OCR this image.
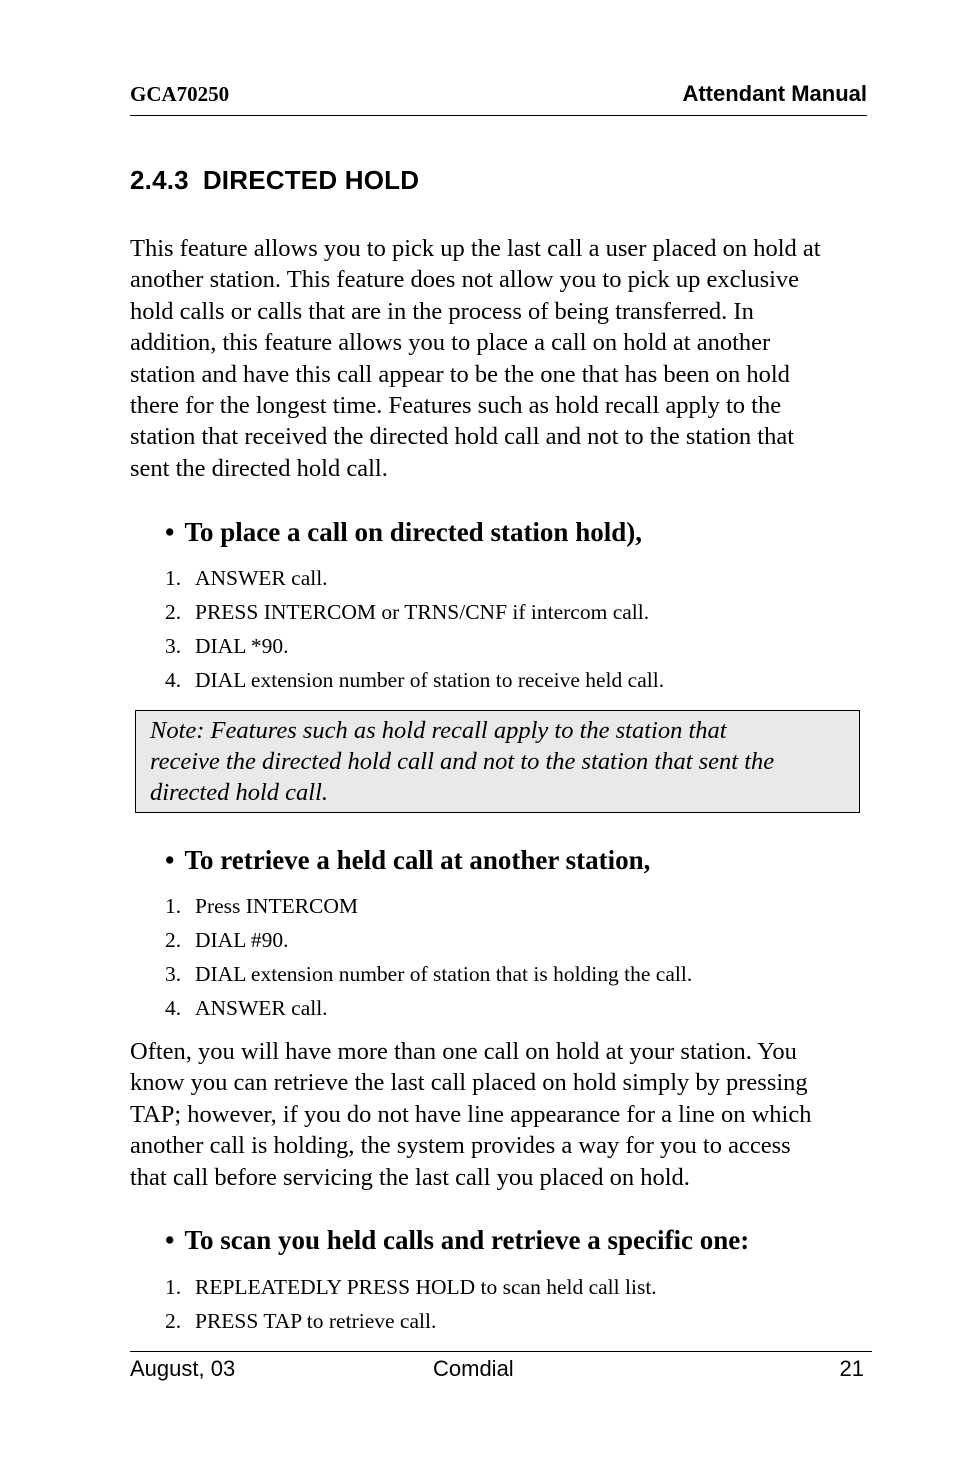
GCA70250	Attendant Manual
2.4.3 DIRECTED HOLD
This feature allows you to pick up the last call a user placed on hold at
another station. This feature does not allow you to pick up exclusive
hold calls or calls that are in the process of being transferred. In
addition, this feature allows you to place a call on hold at another
station and have this call appear to be the one that has been on hold
there for the longest time. Features such as hold recall apply to the
station that received the directed hold call and not to the station that
sent the directed hold call.
• To place a call on directed station hold),
1. ANSWER call.
2. PRESS INTERCOM or TRNS/CNF if intercom call.
3. DIAL *90.
4. DIAL extension number of station to receive held call.
Note: Features such as hold recall apply to the station that
receive the directed hold call and not to the station that sent the
directed hold call.
• To retrieve a held call at another station,
1. Press INTERCOM
2. DIAL #90.
3. DIAL extension number of station that is holding the call.
4. ANSWER call.
Often, you will have more than one call on hold at your station. You
know you can retrieve the last call placed on hold simply by pressing
TAP; however, if you do not have line appearance for a line on which
another call is holding, the system provides a way for you to access
that call before servicing the last call you placed on hold.
• To scan you held calls and retrieve a specific one:
1. REPLEATEDLY PRESS HOLD to scan held call list.
2. PRESS TAP to retrieve call.
August, 03	Comdial	21
